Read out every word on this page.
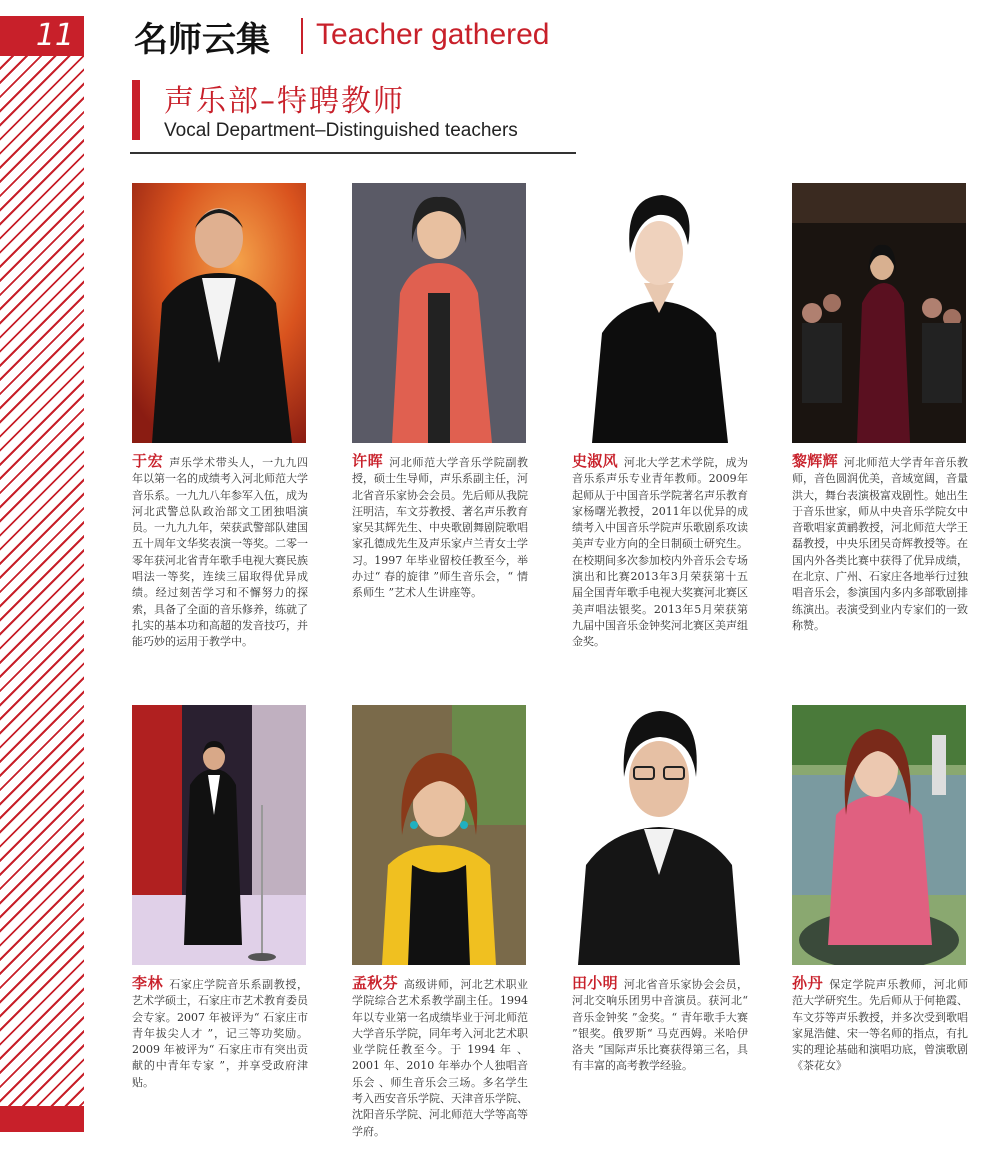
11 名师云集 Teacher gathered
声乐部–特聘教师
Vocal Department–Distinguished teachers
于宏 声乐学术带头人，一九九四年以第一名的成绩考入河北师范大学音乐系。一九九八年参军入伍，成为河北武警总队政治部文工团独唱演员。一九九九年，荣获武警部队建国五十周年文华奖表演一等奖。二零一零年获河北省青年歌手电视大赛民族唱法一等奖，连续三届取得优异成绩。经过刻苦学习和不懈努力的探索，具备了全面的音乐修养，练就了扎实的基本功和高超的发音技巧，并能巧妙的运用于教学中。
许晖 河北师范大学音乐学院副教授，硕士生导师，声乐系副主任，河北省音乐家协会会员。先后师从我院汪明洁，车文芬教授、著名声乐教育家吴其辉先生、中央歌剧舞剧院歌唱家孔德成先生及声乐家卢兰青女士学习。1997 年毕业留校任教至今，举办过“ 春的旋律 ”师生音乐会，“ 情系师生 ”艺术人生讲座等。
史淑风 河北大学艺术学院，成为音乐系声乐专业青年教师。2009年起师从于中国音乐学院著名声乐教育家杨曙光教授，2011年以优异的成绩考入中国音乐学院声乐歌剧系攻读美声专业方向的全日制硕士研究生。在校期间多次参加校内外音乐会专场演出和比赛2013年3月荣获第十五届全国青年歌手电视大奖赛河北赛区美声唱法银奖。2013年5月荣获第九届中国音乐金钟奖河北赛区美声组金奖。
黎辉辉 河北师范大学青年音乐教师，音色圆润优美，音域宽阔，音量洪大，舞台表演极富戏剧性。她出生于音乐世家，师从中央音乐学院女中音歌唱家黄鹂教授，河北师范大学王磊教授，中央乐团吴奇辉教授等。在国内外各类比赛中获得了优异成绩，在北京、广州、石家庄各地举行过独唱音乐会，参演国内多内多部歌剧排练演出。表演受到业内专家们的一致称赞。
李林 石家庄学院音乐系副教授，艺术学硕士，石家庄市艺术教育委员会专家。2007 年被评为“ 石家庄市青年拔尖人才 ”，记三等功奖励。2009 年被评为“ 石家庄市有突出贡献的中青年专家 ”，并享受政府津贴。
孟秋芬 高级讲师，河北艺术职业学院综合艺术系教学副主任。1994 年以专业第一名成绩毕业于河北师范大学音乐学院，同年考入河北艺术职业学院任教至今。于 1994 年 、2001 年、2010 年举办个人独唱音乐会 、师生音乐会三场。多名学生考入西安音乐学院、天津音乐学院、沈阳音乐学院、河北师范大学等高等学府。
田小明 河北省音乐家协会会员，河北交响乐团男中音演员。获河北“ 音乐金钟奖 ”金奖。“ 青年歌手大赛 ”银奖。俄罗斯“ 马克西姆。米哈伊洛夫 ”国际声乐比赛获得第三名，具有丰富的高考教学经验。
孙丹 保定学院声乐教师，河北师范大学研究生。先后师从于何艳霞、车文芬等声乐教授，并多次受到歌唱家晁浩健、宋一等名师的指点，有扎实的理论基础和演唱功底，曾演歌剧《茶花女》
